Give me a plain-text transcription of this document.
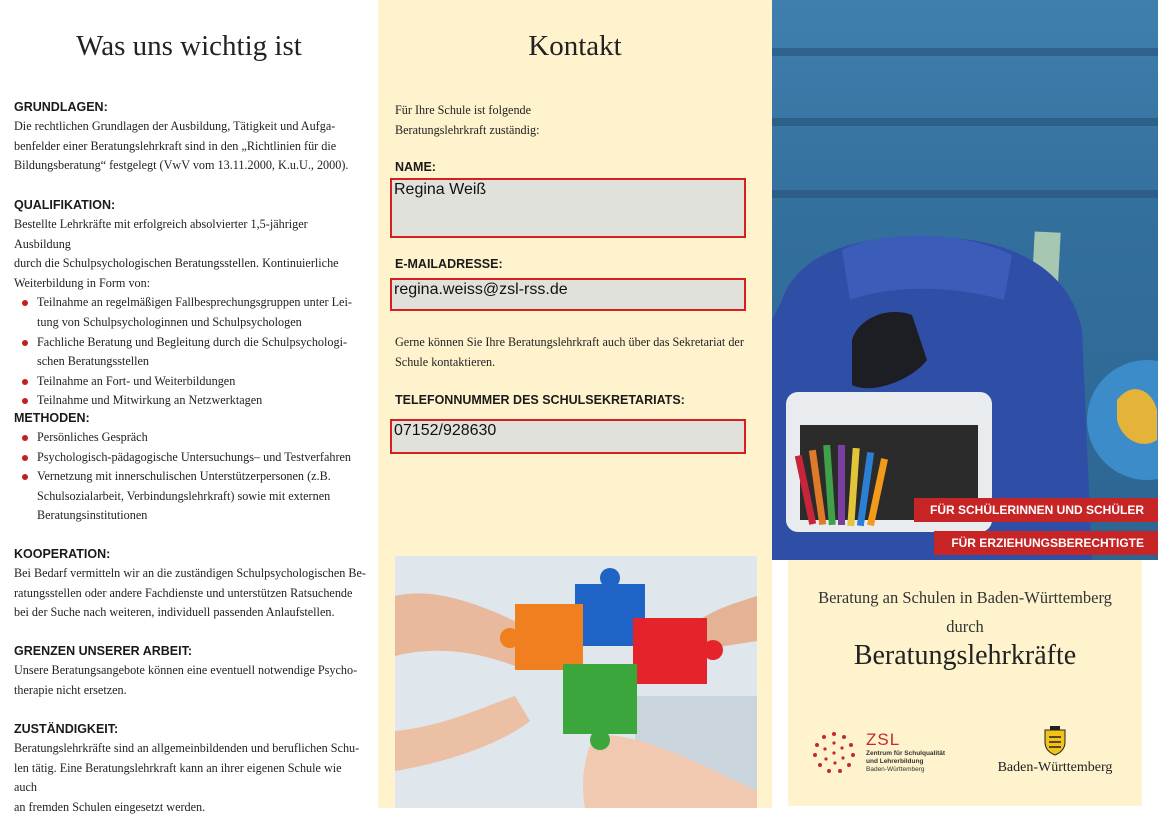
Was uns wichtig ist

GRUNDLAGEN:

Die rechtlichen Grundlagen der Ausbildung, Tätigkeit und Aufga-
benfelder einer Beratungslehrkraft sind in den „Richtlinien für die
Bildungsberatung“ festgelegt (VwV vom 13.11.2000, K.u.U., 2000).

QUALIFIKATION:

Bestellte Lehrkräfte mit erfolgreich absolvierter 1,5-jähriger Ausbildung
durch die Schulpsychologischen Beratungsstellen. Kontinuierliche
Weiterbildung in Form von:

Teilnahme an regelmäßigen Fallbesprechungsgruppen unter Lei-
tung von Schulpsychologinnen und Schulpsychologen
Fachliche Beratung und Begleitung durch die Schulpsychologi-
schen Beratungsstellen
Teilnahme an Fort- und Weiterbildungen
Teilnahme und Mitwirkung an Netzwerktagen

METHODEN:

Persönliches Gespräch
Psychologisch-pädagogische Untersuchungs– und Testverfahren
Vernetzung mit innerschulischen Unterstützerpersonen (z.B.
Schulsozialarbeit, Verbindungslehrkraft) sowie mit externen
Beratungsinstitutionen

KOOPERATION:

Bei Bedarf vermitteln wir an die zuständigen Schulpsychologischen Be-
ratungsstellen oder andere Fachdienste und unterstützen Ratsuchende
bei der Suche nach weiteren, individuell passenden Anlaufstellen.

GRENZEN UNSERER ARBEIT:

Unsere Beratungsangebote können eine eventuell notwendige Psycho-
therapie nicht ersetzen.

ZUSTÄNDIGKEIT:

Beratungslehrkräfte sind an allgemeinbildenden und beruflichen Schu-
len tätig. Eine Beratungslehrkraft kann an ihrer eigenen Schule wie auch
an fremden Schulen eingesetzt werden.

Kontakt

Für Ihre Schule ist folgende
Beratungslehrkraft zuständig:

NAME:

Regina Weiß

E-MAILADRESSE:

regina.weiss@zsl-rss.de

Gerne können Sie Ihre Beratungslehrkraft auch über das Sekretariat der
Schule kontaktieren.

TELEFONNUMMER DES SCHULSEKRETARIATS:

07152/928630
FÜR SCHÜLERINNEN UND SCHÜLER
FÜR ERZIEHUNGSBERECHTIGTE
Beratung an Schulen in Baden-Württemberg
durch
Beratungslehrkräfte
ZSL
Zentrum für Schulqualität
und Lehrerbildung
Baden-Württemberg	Baden-Württemberg
